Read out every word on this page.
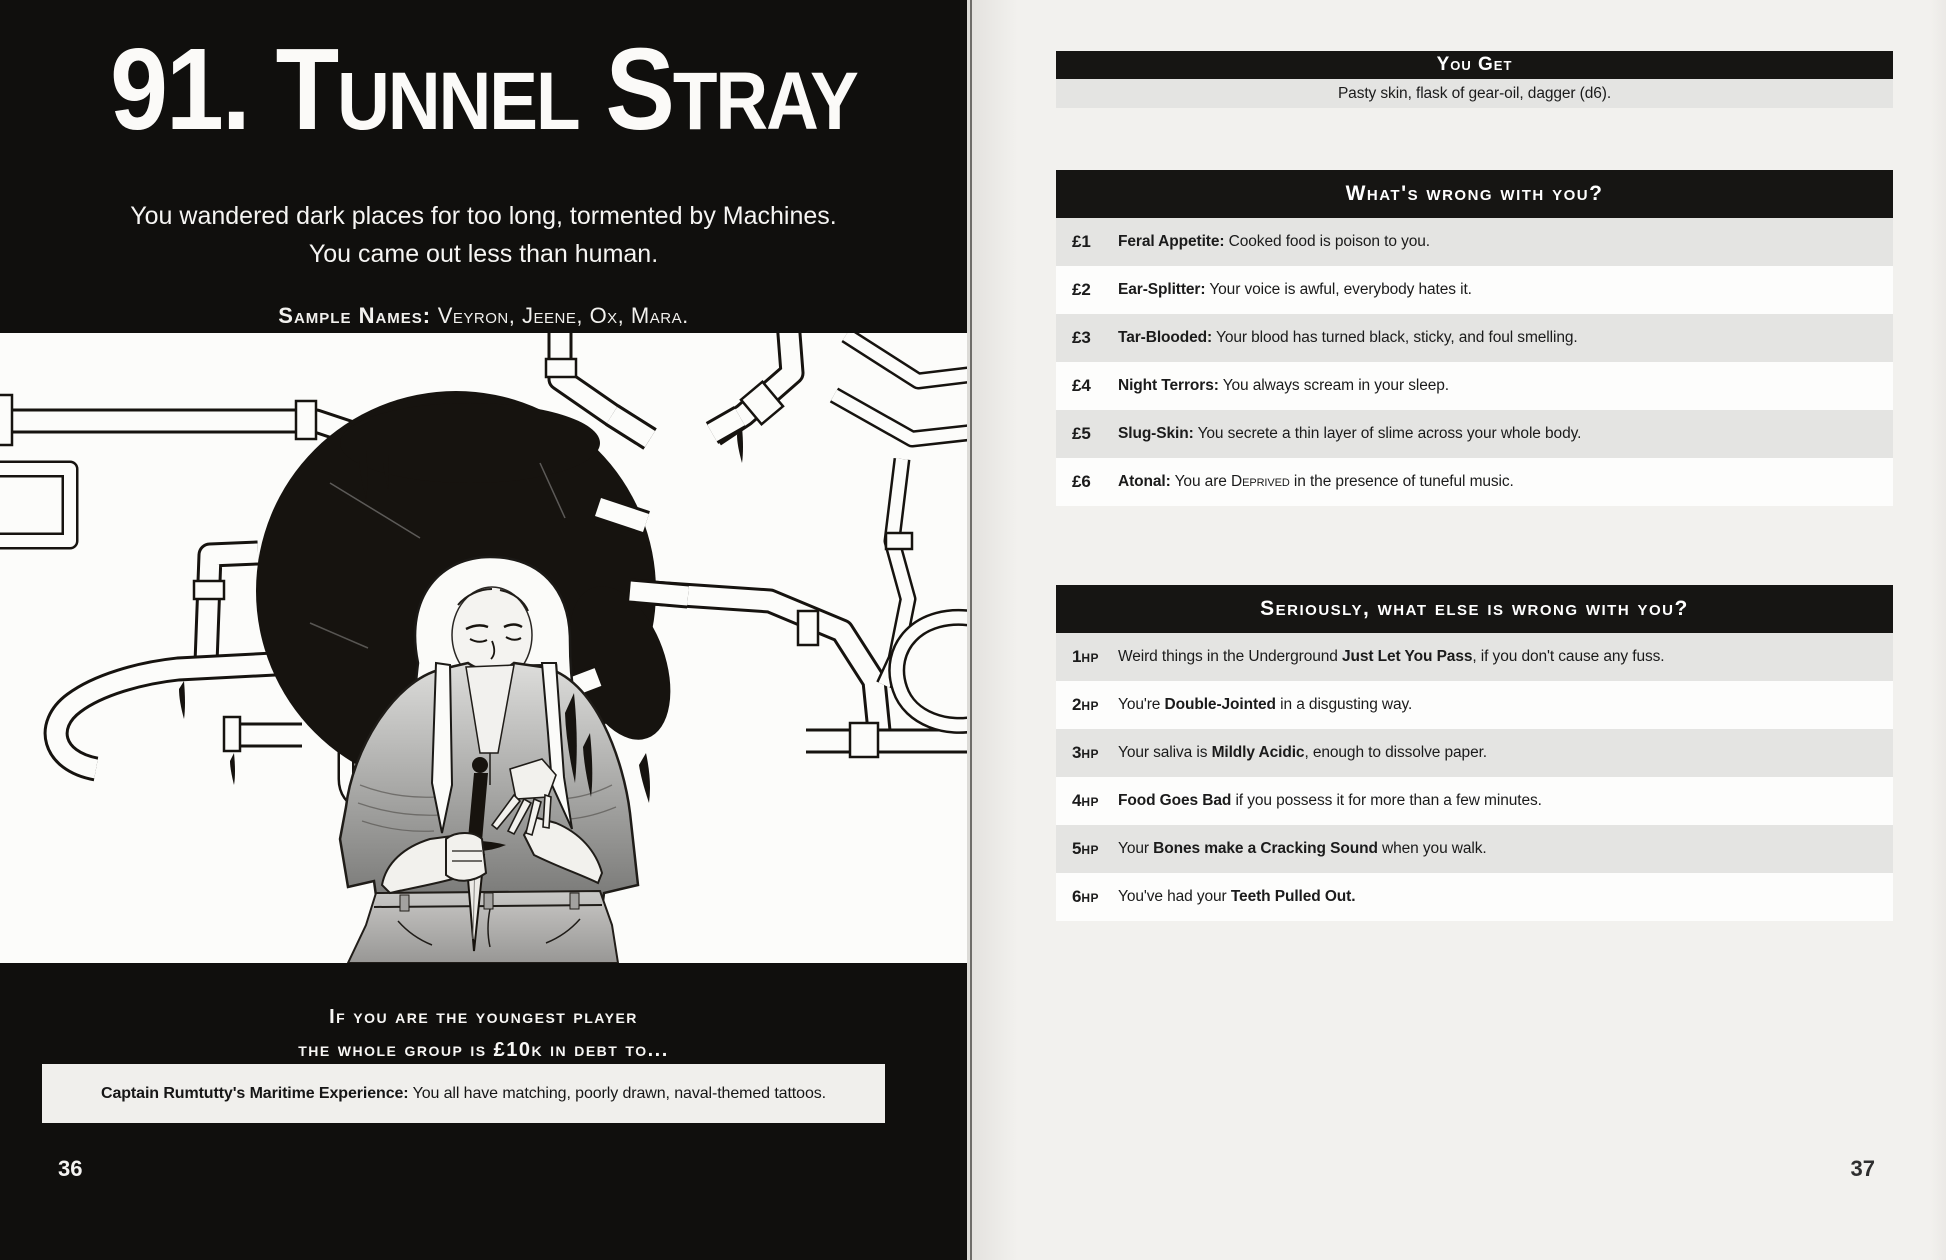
91. Tunnel Stray
You wandered dark places for too long, tormented by Machines.
You came out less than human.
Sample Names: Veyron, Jeene, Ox, Mara.
If you are the youngest player
the whole group is £10k in debt to...
Captain Rumtutty's Maritime Experience: You all have matching, poorly drawn, naval-themed tattoos.
36
You Get
Pasty skin, flask of gear-oil, dagger (d6).
What's wrong with you?
£1	Feral Appetite: Cooked food is poison to you.
£2	Ear-Splitter: Your voice is awful, everybody hates it.
£3	Tar-Blooded: Your blood has turned black, sticky, and foul smelling.
£4	Night Terrors: You always scream in your sleep.
£5	Slug-Skin: You secrete a thin layer of slime across your whole body.
£6	Atonal: You are Deprived in the presence of tuneful music.
Seriously, what else is wrong with you?
1HP	Weird things in the Underground Just Let You Pass, if you don't cause any fuss.
2HP	You're Double-Jointed in a disgusting way.
3HP	Your saliva is Mildly Acidic, enough to dissolve paper.
4HP	Food Goes Bad if you possess it for more than a few minutes.
5HP	Your Bones make a Cracking Sound when you walk.
6HP	You've had your Teeth Pulled Out.
37
